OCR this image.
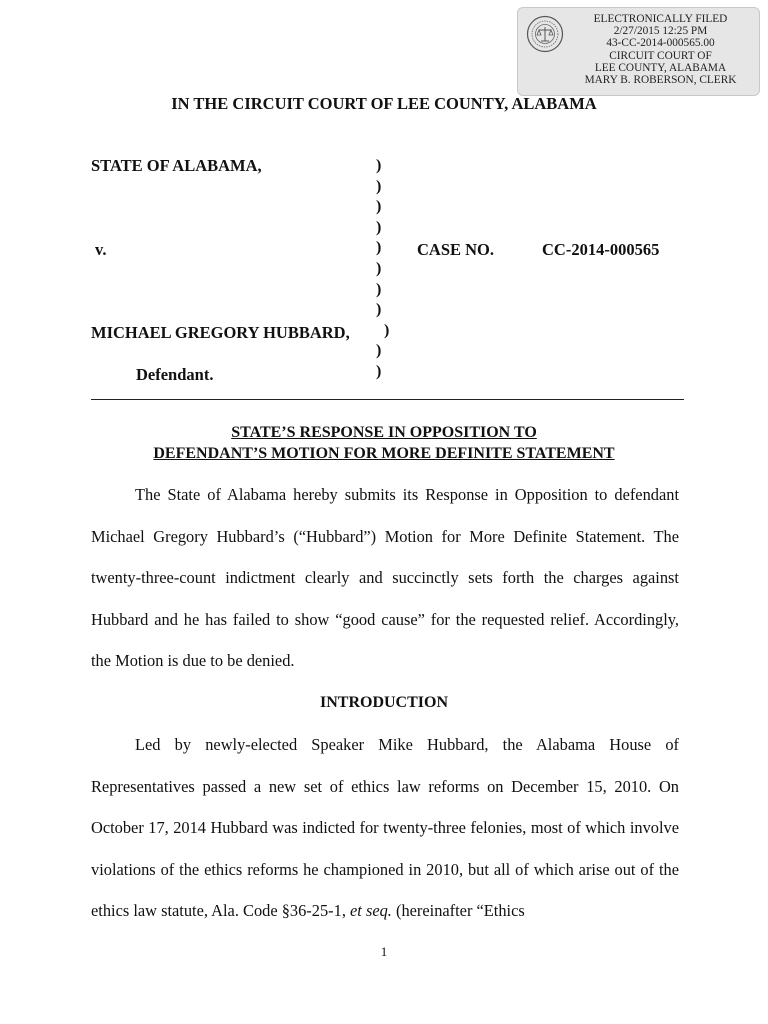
ELECTRONICALLY FILED
2/27/2015 12:25 PM
43-CC-2014-000565.00
CIRCUIT COURT OF
LEE COUNTY, ALABAMA
MARY B. ROBERSON, CLERK
IN THE CIRCUIT COURT OF LEE COUNTY, ALABAMA
STATE OF ALABAMA,
v.
MICHAEL GREGORY HUBBARD,
Defendant.
)
)
)
)
)
)
)
)
)
)
)
CASE NO.	CC-2014-000565
STATE’S RESPONSE IN OPPOSITION TO
DEFENDANT’S MOTION FOR MORE DEFINITE STATEMENT

The State of Alabama hereby submits its Response in Opposition to defendant Michael Gregory Hubbard’s (“Hubbard”) Motion for More Definite Statement. The twenty-three-count indictment clearly and succinctly sets forth the charges against Hubbard and he has failed to show “good cause” for the requested relief. Accordingly, the Motion is due to be denied.

INTRODUCTION

Led by newly-elected Speaker Mike Hubbard, the Alabama House of Representatives passed a new set of ethics law reforms on December 15, 2010. On October 17, 2014 Hubbard was indicted for twenty-three felonies, most of which involve violations of the ethics reforms he championed in 2010, but all of which arise out of the ethics law statute, Ala. Code §36-25-1, et seq. (hereinafter “Ethics

1
